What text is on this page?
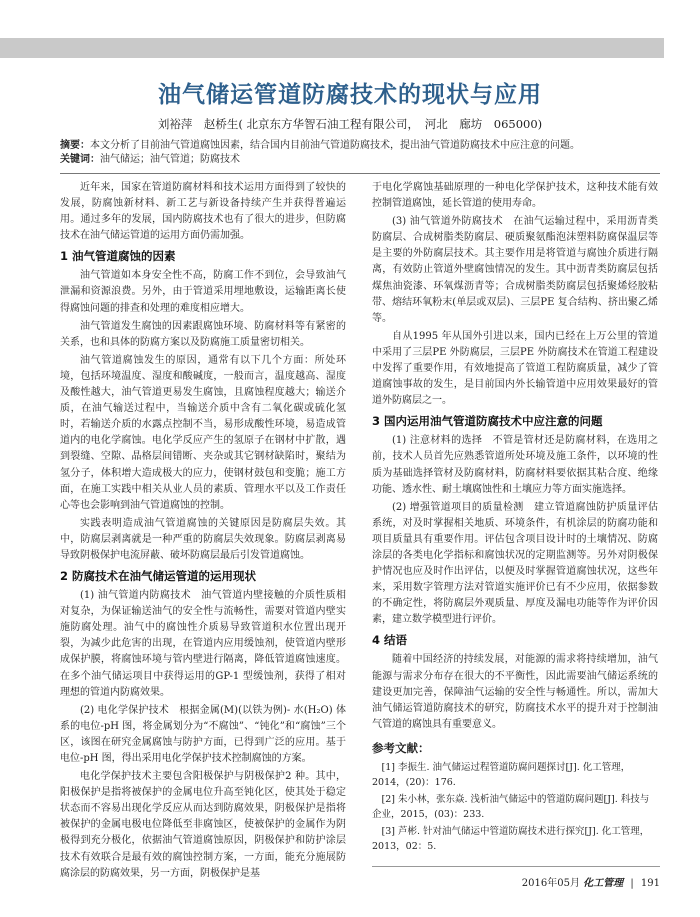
油气储运管道防腐技术的现状与应用
刘裕萍　赵桥生( 北京东方华智石油工程有限公司，　河北　廊坊　065000)
摘要：本文分析了目前油气管道腐蚀因素，结合国内目前油气管道防腐技术，提出油气管道防腐技术中应注意的问题。
关键词：油气储运；油气管道；防腐技术

近年来，国家在管道防腐材料和技术运用方面得到了较快的发展，防腐蚀新材料、新工艺与新设备持续产生并获得普遍运用。通过多年的发展，国内防腐技术也有了很大的进步，但防腐技术在油气储运管道的运用方面仍需加强。

1 油气管道腐蚀的因素

油气管道如本身安全性不高，防腐工作不到位，会导致油气泄漏和资源浪费。另外，由于管道采用埋地敷设，运输距离长使得腐蚀问题的排查和处理的难度相应增大。

油气管道发生腐蚀的因素跟腐蚀环境、防腐材料等有紧密的关系，也和具体的防腐方案以及防腐施工质量密切相关。

油气管道腐蚀发生的原因，通常有以下几个方面：所处环境，包括环境温度、湿度和酸碱度，一般而言，温度越高、湿度及酸性越大，油气管道更易发生腐蚀，且腐蚀程度越大；输送介质，在油气输送过程中，当输送介质中含有二氧化碳或硫化氢时，若输送介质的水露点控制不当，易形成酸性环境，易造成管道内的电化学腐蚀。电化学反应产生的氢原子在钢材中扩散，遇到裂缝、空隙、晶格层间错断、夹杂或其它钢材缺陷时，聚结为氢分子，体积增大造成极大的应力，使钢材鼓包和变脆；施工方面，在施工实践中相关从业人员的素质、管理水平以及工作责任心等也会影响到油气管道腐蚀的控制。

实践表明造成油气管道腐蚀的关键原因是防腐层失效。其中，防腐层剥离就是一种严重的防腐层失效现象。防腐层剥离易导致阴极保护电流屏蔽、破坏防腐层最后引发管道腐蚀。

2 防腐技术在油气储运管道的运用现状

(1) 油气管道内防腐技术　油气管道内壁接触的介质性质相对复杂，为保证输送油气的安全性与流畅性，需要对管道内壁实施防腐处理。油气中的腐蚀性介质易导致管道积水位置出现开裂，为减少此危害的出现，在管道内应用缓蚀剂，使管道内壁形成保护膜，将腐蚀环境与管内壁进行隔离，降低管道腐蚀速度。在多个油气储运项目中获得运用的GP-1 型缓蚀剂，获得了相对理想的管道内防腐效果。

(2) 电化学保护技术　根据金属(M)(以铁为例)- 水(H₂O) 体系的电位-pH 图，将金属划分为“不腐蚀”、“钝化”和“腐蚀”三个区，该图在研究金属腐蚀与防护方面，已得到广泛的应用。基于电位-pH 图，得出采用电化学保护技术控制腐蚀的方案。

电化学保护技术主要包含阳极保护与阴极保护2 种。其中，阳极保护是指将被保护的金属电位升高至钝化区，使其处于稳定状态而不容易出现化学反应从而达到防腐效果，阴极保护是指将被保护的金属电极电位降低至非腐蚀区，使被保护的金属作为阴极得到充分极化，依据油气管道腐蚀原因，阴极保护和防护涂层技术有效联合是最有效的腐蚀控制方案，一方面，能充分施展防腐涂层的防腐效果，另一方面，阴极保护是基

于电化学腐蚀基础原理的一种电化学保护技术，这种技术能有效控制管道腐蚀，延长管道的使用寿命。

(3) 油气管道外防腐技术　在油气运输过程中，采用沥青类防腐层、合成树脂类防腐层、硬质聚氨酯泡沫塑料防腐保温层等是主要的外防腐层技术。其主要作用是将管道与腐蚀介质进行隔离，有效防止管道外壁腐蚀情况的发生。其中沥青类防腐层包括煤焦油瓷漆、环氧煤沥青等；合成树脂类防腐层包括聚烯烃胶粘带、熔结环氧粉末(单层或双层)、三层PE 复合结构、挤出聚乙烯等。

自从1995 年从国外引进以来，国内已经在上万公里的管道中采用了三层PE 外防腐层，三层PE 外防腐技术在管道工程建设中发挥了重要作用，有效地提高了管道工程防腐质量，减少了管道腐蚀事故的发生，是目前国内外长输管道中应用效果最好的管道外防腐层之一。

3 国内运用油气管道防腐技术中应注意的问题

(1) 注意材料的选择　不管是管材还是防腐材料，在选用之前，技术人员首先应熟悉管道所处环境及施工条件，以环境的性质为基础选择管材及防腐材料，防腐材料要依据其粘合度、绝缘功能、透水性、耐土壤腐蚀性和土壤应力等方面实施选择。

(2) 增强管道项目的质量检测　建立管道腐蚀防护质量评估系统，对及时掌握相关地质、环境条件，有机涂层的防腐功能和项目质量具有重要作用。评估包含项目设计时的土壤情况、防腐涂层的各类电化学指标和腐蚀状况的定期监测等。另外对阴极保护情况也应及时作出评估，以便及时掌握管道腐蚀状况，这些年来，采用数字管理方法对管道实施评价已有不少应用，依据参数的不确定性，将防腐层外观质量、厚度及漏电功能等作为评价因素，建立数学模型进行评价。

4 结语

随着中国经济的持续发展，对能源的需求将持续增加，油气能源与需求分布存在很大的不平衡性，因此需要油气储运系统的建设更加完善，保障油气运输的安全性与畅通性。所以，需加大油气储运管道防腐技术的研究，防腐技术水平的提升对于控制油气管道的腐蚀具有重要意义。

参考文献：
[1] 李振生. 油气储运过程管道防腐问题探讨[J]. 化工管理，2014，(20)：176.
[2] 朱小林，张东焱. 浅析油气储运中的管道防腐问题[J]. 科技与企业，2015，(03)：233.
[3] 芦彬. 针对油气储运中管道防腐技术进行探究[J]. 化工管理，2013，02：5.
2016年05月 化工管理 | 191
